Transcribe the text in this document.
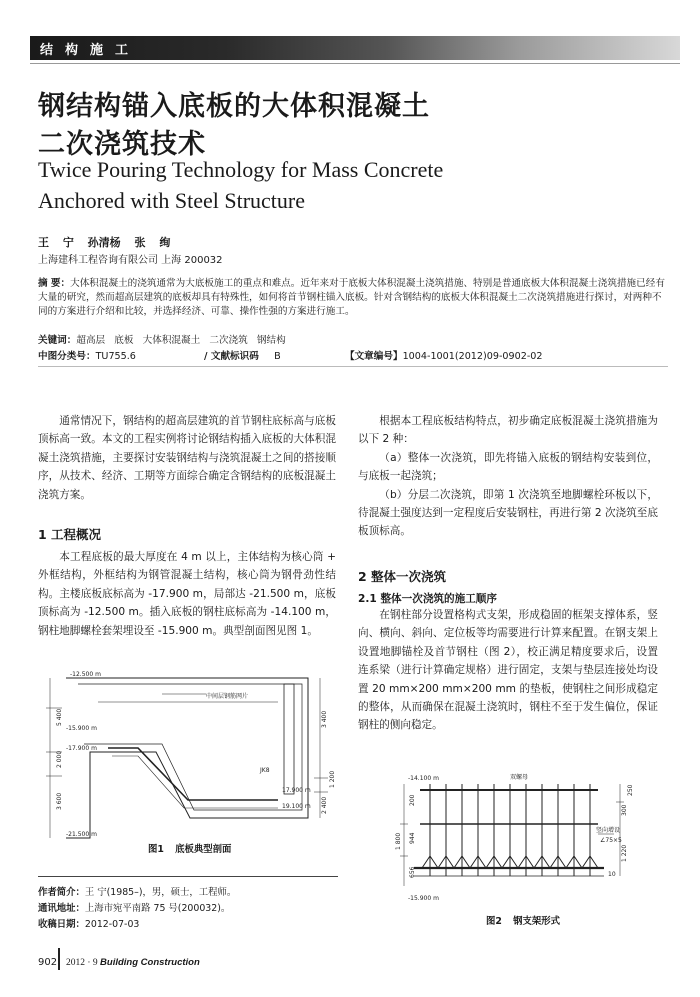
结构施工
钢结构锚入底板的大体积混凝土
二次浇筑技术
Twice Pouring Technology for Mass Concrete
Anchored with Steel Structure
王 宁 孙清杨 张 绚
上海建科工程咨询有限公司 上海 200032
摘 要：大体积混凝土的浇筑通常为大底板施工的重点和难点。近年来对于底板大体积混凝土浇筑措施、特别是普通底板大体积混凝土浇筑措施已经有大量的研究，然而超高层建筑的底板却具有特殊性，如何将首节钢柱锚入底板。针对含钢结构的底板大体积混凝土二次浇筑措施进行探讨，对两种不同的方案进行介绍和比较，并选择经济、可靠、操作性强的方案进行施工。
关键词：超高层   底板   大体积混凝土   二次浇筑   钢结构
中图分类号：TU755.6	/ 文献标识码 B	【文章编号】1004-1001(2012)09-0902-02

通常情况下，钢结构的超高层建筑的首节钢柱底标高与底板顶标高一致。本文的工程实例将讨论钢结构插入底板的大体积混凝土浇筑措施，主要探讨安装钢结构与浇筑混凝土之间的搭接顺序，从技术、经济、工期等方面综合确定含钢结构的底板混凝土浇筑方案。

1 工程概况

本工程底板的最大厚度在 4 m 以上，主体结构为核心筒 + 外框结构，外框结构为钢管混凝土结构，核心筒为钢骨劲性结构。主楼底板底标高为 -17.900 m，局部达 -21.500 m，底板顶标高为 -12.500 m。插入底板的钢柱底标高为 -14.100 m，钢柱地脚螺栓套架埋设至 -15.900 m。典型剖面图见图 1。

-12.500 m
中间层钢筋网片
-15.900 m
-17.900 m
-21.500 m
JK8
17.900 m
19.100 m
5 400
2 000
3 600
1 200
2 400
3 400
图1 底板典型剖面
作者简介：王 宁(1985–)，男，硕士，工程师。
通讯地址：上海市宛平南路 75 号(200032)。
收稿日期：2012-07-03

根据本工程底板结构特点，初步确定底板混凝土浇筑措施为以下 2 种：

（a）整体一次浇筑，即先将锚入底板的钢结构安装到位，与底板一起浇筑；

（b）分层二次浇筑，即第 1 次浇筑至地脚螺栓环板以下，待混凝土强度达到一定程度后安装钢柱，再进行第 2 次浇筑至底板顶标高。

2 整体一次浇筑
2.1 整体一次浇筑的施工顺序

在钢柱部分设置格构式支架，形成稳固的框架支撑体系，竖向、横向、斜向、定位板等均需要进行计算来配置。在钢支架上设置地脚锚栓及首节钢柱（图 2），校正满足精度要求后，设置连系梁（进行计算确定规格）进行固定，支架与垫层连接处均设置 20 mm×200 mm×200 mm 的垫板，使钢柱之间形成稳定的整体，从而确保在混凝土浇筑时，钢柱不至于发生偏位，保证钢柱的侧向稳定。

双螺母
-14.100 m
-15.900 m
竖向增设
∠75×5
250
300
1 220
200
944
1 800
656	10
图2 钢支架形式
902 2012 · 9 Building Construction
